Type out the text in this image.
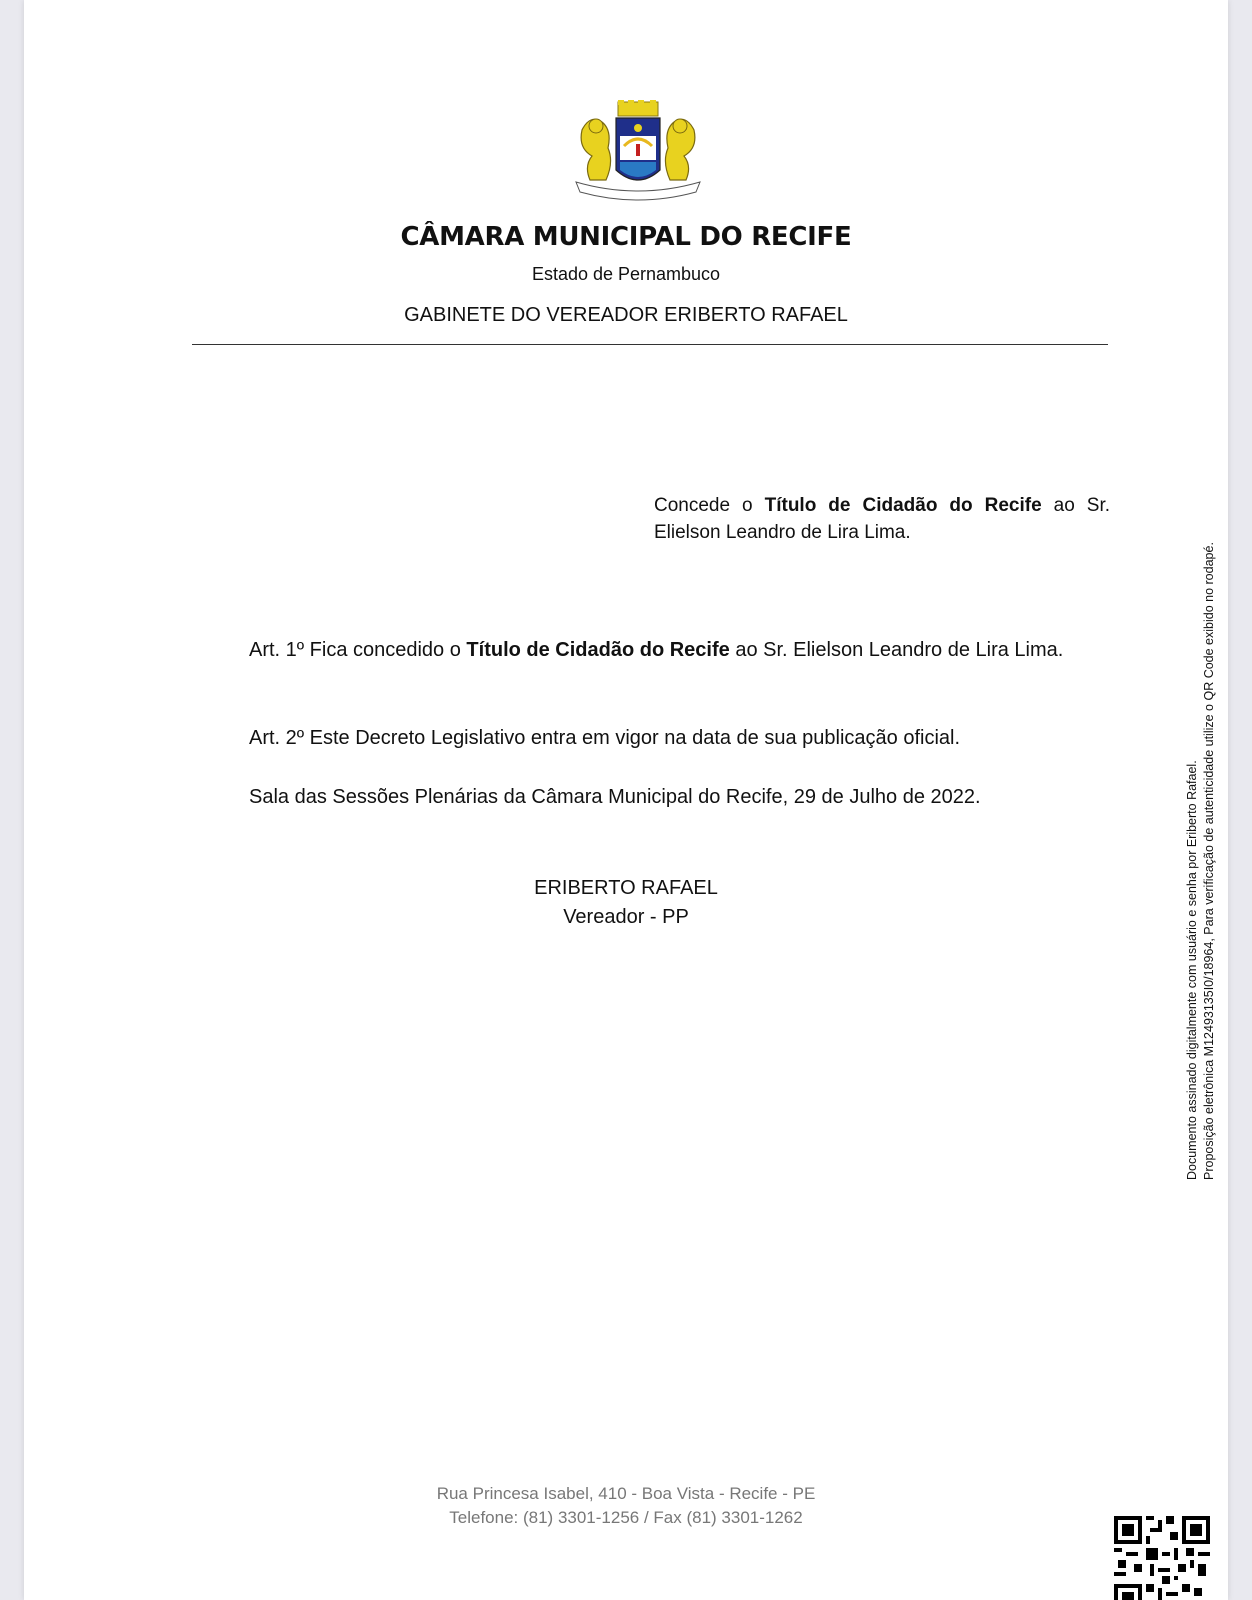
CÂMARA MUNICIPAL DO RECIFE
Estado de Pernambuco
GABINETE DO VEREADOR ERIBERTO RAFAEL
Concede o Título de Cidadão do Recife ao Sr. Elielson Leandro de Lira Lima.
Art. 1º Fica concedido o Título de Cidadão do Recife ao Sr. Elielson Leandro de Lira Lima.
Art. 2º Este Decreto Legislativo entra em vigor na data de sua publicação oficial.
Sala das Sessões Plenárias da Câmara Municipal do Recife, 29 de Julho de 2022.
ERIBERTO RAFAEL
Vereador - PP
Rua Princesa Isabel, 410 - Boa Vista - Recife - PE
Telefone: (81) 3301-1256 / Fax (81) 3301-1262
Documento assinado digitalmente com usuário e senha por Eriberto Rafael. Proposição eletrônica M12493135I0/18964, Para verificação de autenticidade utilize o QR Code exibido no rodapé.
